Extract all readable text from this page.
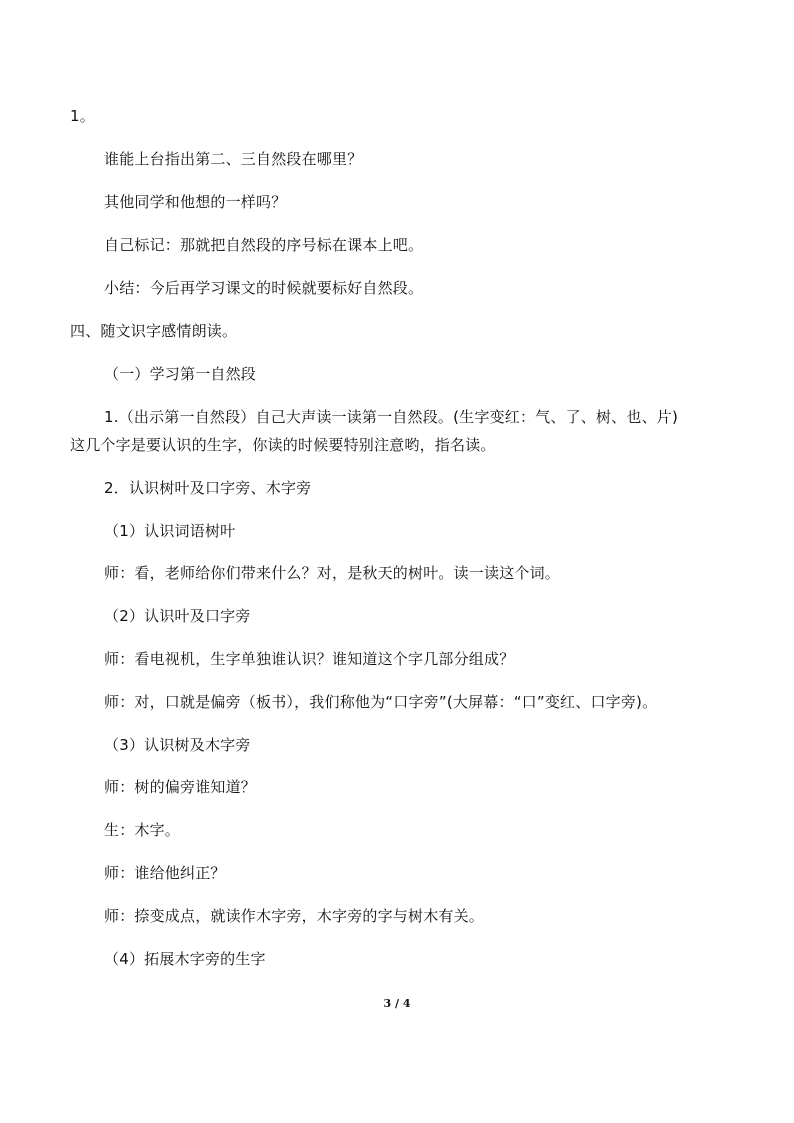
1。
谁能上台指出第二、三自然段在哪里？
其他同学和他想的一样吗？
自己标记：那就把自然段的序号标在课本上吧。
小结：今后再学习课文的时候就要标好自然段。
四、随文识字感情朗读。
（一）学习第一自然段
1.（出示第一自然段）自己大声读一读第一自然段。(生字变红：气、了、树、也、片)
这几个字是要认识的生字，你读的时候要特别注意哟，指名读。
2．认识树叶及口字旁、木字旁
（1）认识词语树叶
师：看，老师给你们带来什么？对，是秋天的树叶。读一读这个词。
（2）认识叶及口字旁
师：看电视机，生字单独谁认识？谁知道这个字几部分组成？
师：对，口就是偏旁（板书），我们称他为“口字旁”(大屏幕：“口”变红、口字旁)。
（3）认识树及木字旁
师：树的偏旁谁知道？
生：木字。
师：谁给他纠正？
师：捺变成点，就读作木字旁，木字旁的字与树木有关。
（4）拓展木字旁的生字
3 / 4
